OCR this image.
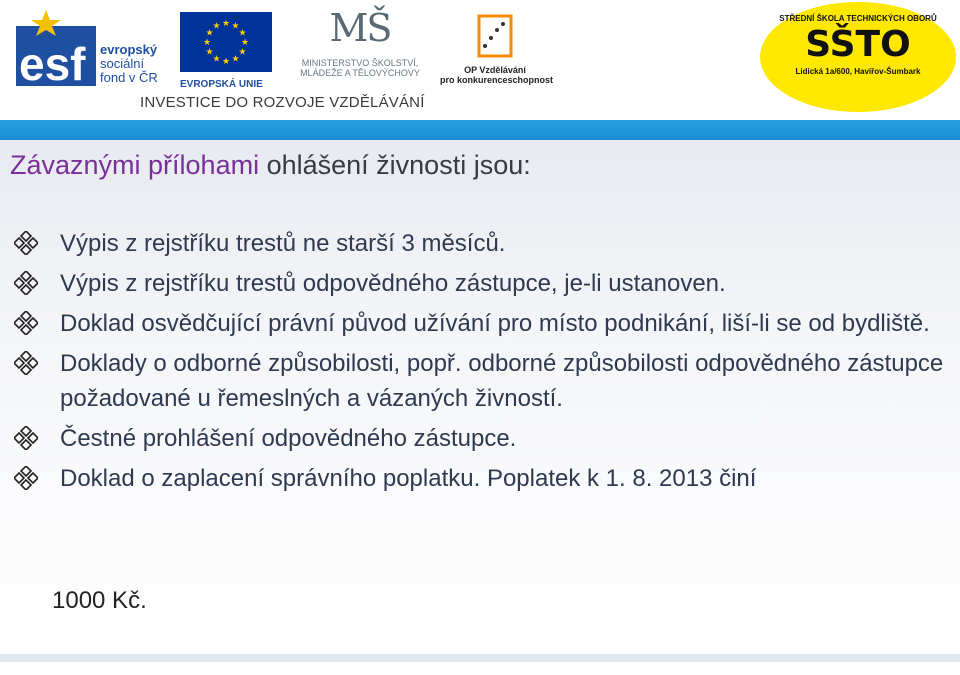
esf evropský
sociální
fond v ČR
★ ★
★
★
★
★
★
★
★
★
★
★
EVROPSKÁ UNIE
MŠ

MINISTERSTVO ŠKOLSTVÍ,
MLÁDEŽE A TĚLOVÝCHOVY	OP Vzdělávání
pro konkurenceschopnost
INVESTICE DO ROZVOJE VZDĚLÁVÁNÍ
STŘEDNÍ ŠKOLA TECHNICKÝCH OBORŮ
SŠTO
Lidická 1a/600, Havířov-Šumbark
Závaznými přílohami ohlášení živnosti jsou:
Výpis z rejstříku trestů ne starší 3 měsíců.
Výpis z rejstříku trestů odpovědného zástupce, je-li ustanoven.
Doklad osvědčující právní původ užívání pro místo podnikání, liší-li se od bydliště.
Doklady o odborné způsobilosti, popř. odborné způsobilosti odpovědného zástupce požadované u řemeslných a vázaných živností.
Čestné prohlášení odpovědného zástupce.
Doklad o zaplacení správního poplatku. Poplatek k 1. 8. 2013 činí
1000 Kč.
